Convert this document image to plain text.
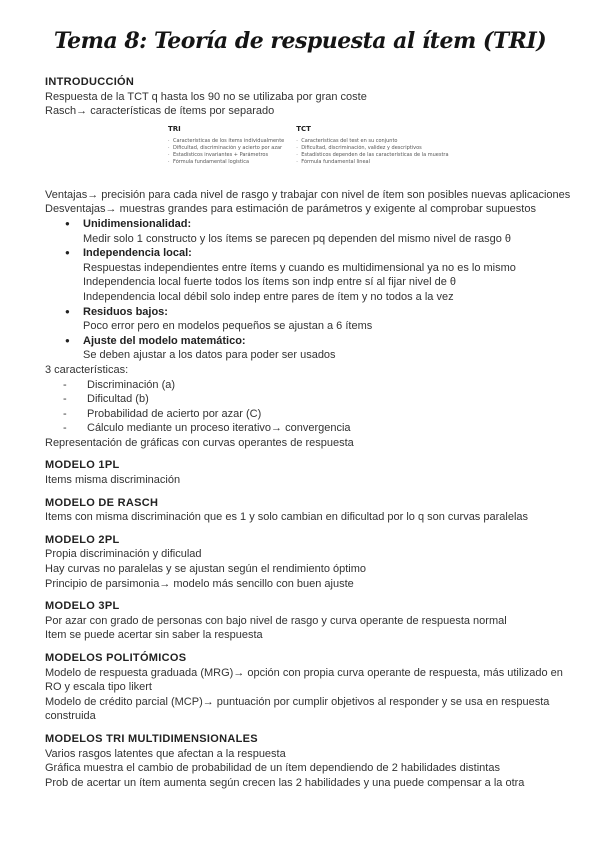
Tema 8: Teoría de respuesta al ítem (TRI)
INTRODUCCIÓN
Respuesta de la TCT q hasta los 90 no se utilizaba por gran coste
Rasch→ características de ítems por separado
TRI
· Características de los ítems individualmente
· Dificultad, discriminación y acierto por azar
· Estadísticos invariantes + Parámetros
· Fórmula fundamental logística
TCT
· Características del test en su conjunto
· Dificultad, discriminación, validez y descriptivos
· Estadísticos dependen de las características de la muestra
· Fórmula fundamental lineal
Ventajas→ precisión para cada nivel de rasgo y trabajar con nivel de ítem son posibles nuevas aplicaciones
Desventajas→ muestras grandes para estimación de parámetros y exigente al comprobar supuestos
● Unidimensionalidad:
Medir solo 1 constructo y los ítems se parecen pq dependen del mismo nivel de rasgo θ
● Independencia local:
Respuestas independientes entre ítems y cuando es multidimensional ya no es lo mismo
Independencia local fuerte todos los ítems son indp entre sí al fijar nivel de θ
Independencia local débil solo indep entre pares de ítem y no todos a la vez
● Residuos bajos:
Poco error pero en modelos pequeños se ajustan a 6 ítems
● Ajuste del modelo matemático:
Se deben ajustar a los datos para poder ser usados
3 características:
- Discriminación (a)
- Dificultad (b)
- Probabilidad de acierto por azar (C)
- Cálculo mediante un proceso iterativo→ convergencia
Representación de gráficas con curvas operantes de respuesta
MODELO 1PL
Items misma discriminación
MODELO DE RASCH
Items con misma discriminación que es 1 y solo cambian en dificultad por lo q son curvas paralelas
MODELO 2PL
Propia discriminación y dificulad
Hay curvas no paralelas y se ajustan según el rendimiento óptimo
Principio de parsimonia→ modelo más sencillo con buen ajuste
MODELO 3PL
Por azar con grado de personas con bajo nivel de rasgo y curva operante de respuesta normal
Item se puede acertar sin saber la respuesta
MODELOS POLITÓMICOS
Modelo de respuesta graduada (MRG)→ opción con propia curva operante de respuesta, más utilizado en RO y escala tipo likert
Modelo de crédito parcial (MCP)→ puntuación por cumplir objetivos al responder y se usa en respuesta construida
MODELOS TRI MULTIDIMENSIONALES
Varios rasgos latentes que afectan a la respuesta
Gráfica muestra el cambio de probabilidad de un ítem dependiendo de 2 habilidades distintas
Prob de acertar un ítem aumenta según crecen las 2 habilidades y una puede compensar a la otra
